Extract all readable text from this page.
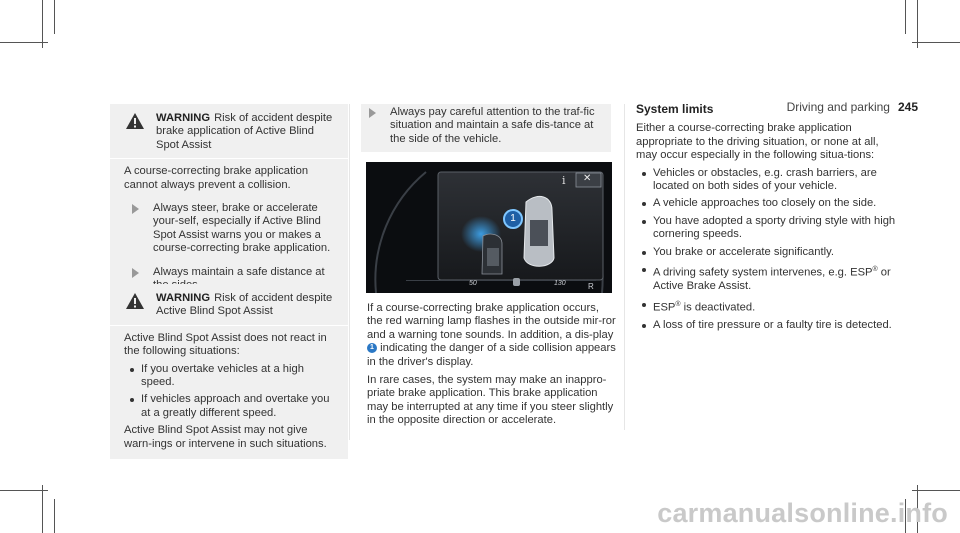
Driving and parking 245
WARNING Risk of accident despite brake application of Active Blind Spot Assist
A course-correcting brake application cannot always prevent a collision.
Always steer, brake or accelerate your-self, especially if Active Blind Spot Assist warns you or makes a course-correcting brake application.
Always maintain a safe distance at
WARNING Risk of accident despite Active Blind Spot Assist
Active Blind Spot Assist does not react in the following situations:
If you overtake vehicles at a high speed.
If vehicles approach and overtake you at a greatly different speed.
Active Blind Spot Assist may not give warn-ings or intervene in such situations.
Always pay careful attention to the traf-fic situation and maintain a safe dis-tance at the side of the vehicle.
i ✕
1
50	130	R

If a course-correcting brake application occurs, the red warning lamp flashes in the outside mir-ror and a warning tone sounds. In addition, a dis-play 1 indicating the danger of a side collision appears in the driver's display.

In rare cases, the system may make an inappro-priate brake application. This brake application may be interrupted at any time if you steer slightly in the opposite direction or accelerate.

System limits
Either a course-correcting brake application appropriate to the driving situation, or none at all, may occur especially in the following situa-tions:
Vehicles or obstacles, e.g. crash barriers, are located on both sides of your vehicle.
A vehicle approaches too closely on the side.
You have adopted a sporty driving style with high cornering speeds.
You brake or accelerate significantly.
A driving safety system intervenes, e.g. ESP® or Active Brake Assist.
ESP® is deactivated.
A loss of tire pressure or a faulty tire is detected.
carmanualsonline.info
